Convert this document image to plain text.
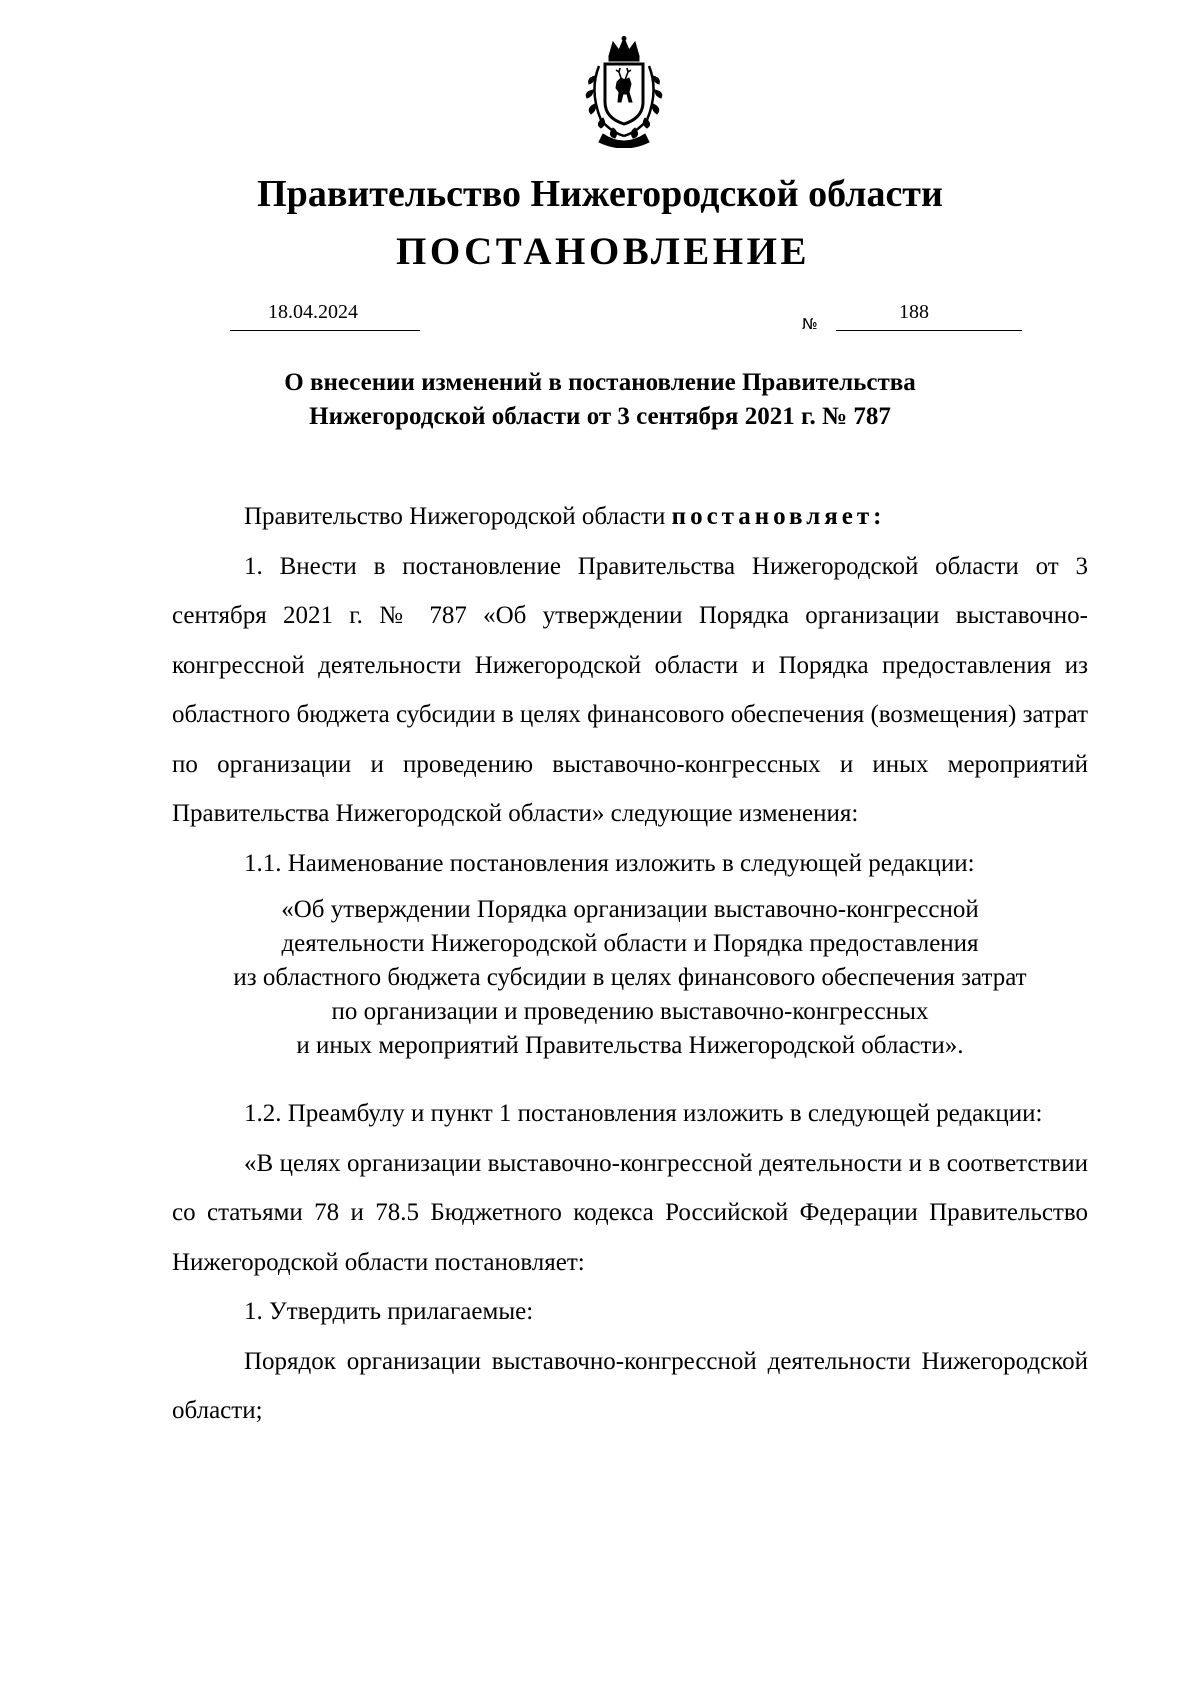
Правительство Нижегородской области
ПОСТАНОВЛЕНИЕ
18.04.2024
№
188
О внесении изменений в постановление Правительства
Нижегородской области от 3 сентября 2021 г. № 787

Правительство Нижегородской области постановляет:

1. Внести в постановление Правительства Нижегородской области от 3 сентября 2021 г. № 787 «Об утверждении Порядка организации выставочно-конгрессной деятельности Нижегородской области и Порядка предоставления из областного бюджета субсидии в целях финансового обеспечения (возмещения) затрат по организации и проведению выставочно-конгрессных и иных мероприятий Правительства Нижегородской области» следующие изменения:

1.1. Наименование постановления изложить в следующей редакции:

«Об утверждении Порядка организации выставочно-конгрессной
деятельности Нижегородской области и Порядка предоставления
из областного бюджета субсидии в целях финансового обеспечения затрат
по организации и проведению выставочно-конгрессных
и иных мероприятий Правительства Нижегородской области».

1.2. Преамбулу и пункт 1 постановления изложить в следующей редакции:

«В целях организации выставочно-конгрессной деятельности и в соответствии со статьями 78 и 78.5 Бюджетного кодекса Российской Федерации Правительство Нижегородской области постановляет:

1. Утвердить прилагаемые:

Порядок организации выставочно-конгрессной деятельности Нижегородской области;
